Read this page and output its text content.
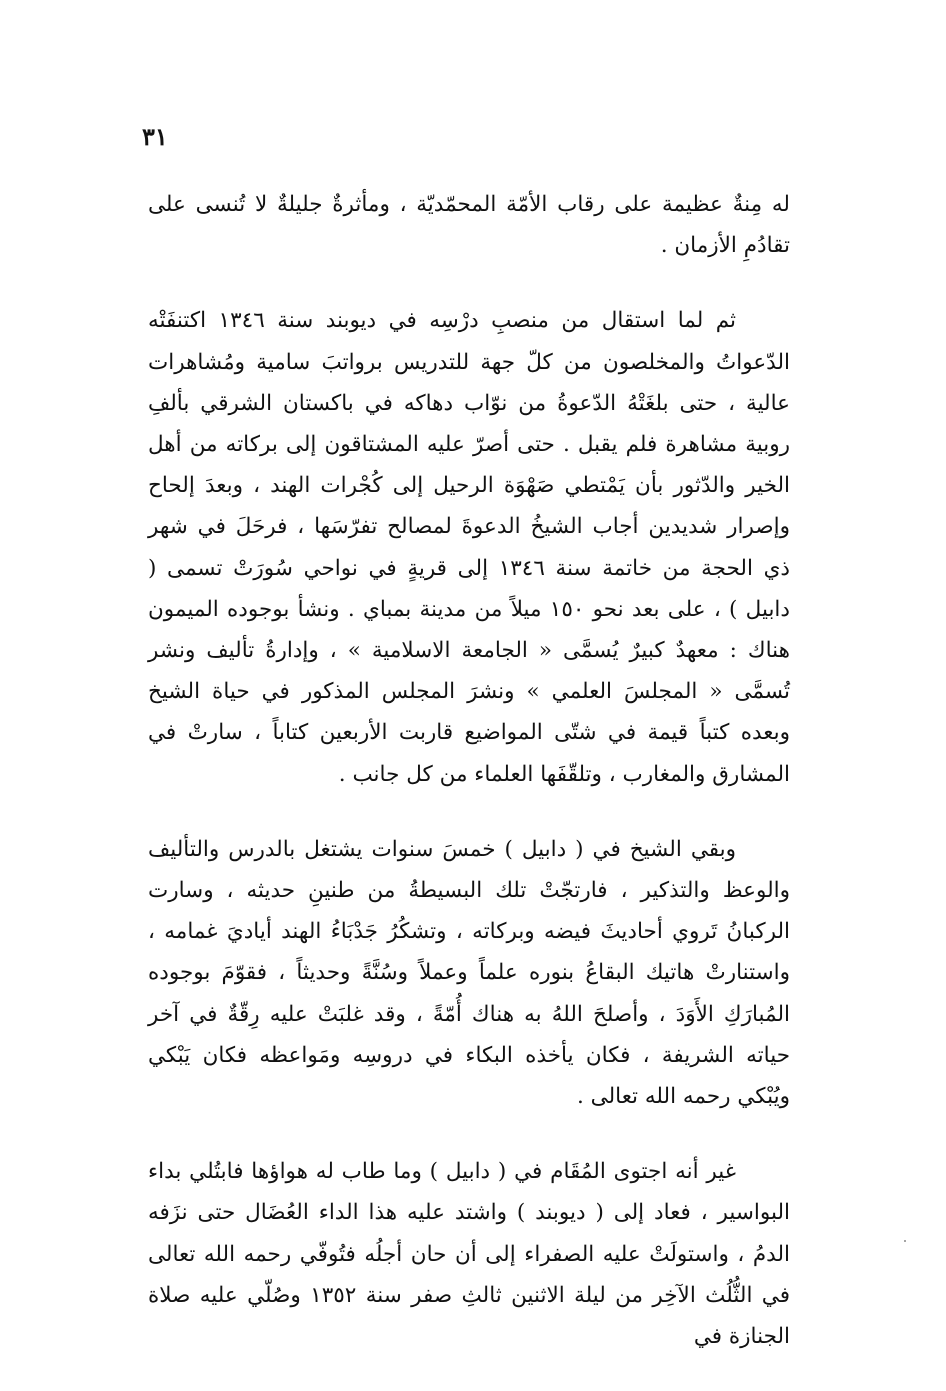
٣١

له مِنةٌ عظيمة على رقاب الأمّة المحمّديّة ، ومأثرةٌ جليلةٌ لا تُنسى على تقادُمِ الأزمان .

ثم لما استقال من منصبِ درْسِه في ديوبند سنة ١٣٤٦ اكتنفَتْه الدّعواتُ والمخلصون من كلّ جهة للتدريس برواتبَ سامية ومُشاهرات عالية ، حتى بلغَتْهُ الدّعوةُ من نوّاب دهاكه في باكستان الشرقي بألفِ روبية مشاهرة فلم يقبل . حتى أصرّ عليه المشتاقون إلى بركاته من أهل الخير والدّثور بأن يَمْتطي صَهْوَة الرحيل إلى كُجْرات الهند ، وبعدَ إلحاح وإصرار شديدين أجاب الشيخُ الدعوةَ لمصالح تفرّسَها ، فرحَلَ في شهر ذي الحجة من خاتمة سنة ١٣٤٦ إلى قريةٍ في نواحي سُورَتْ تسمى ( دابيل ) ، على بعد نحو ١٥٠ ميلاً من مدينة بمباي . ونشأ بوجوده الميمون هناك : معهدٌ كبيرٌ يُسمَّى « الجامعة الاسلامية » ، وإدارةُ تأليف ونشر تُسمَّى « المجلسَ العلمي » ونشرَ المجلس المذكور في حياة الشيخ وبعده كتباً قيمة في شتّى المواضيع قاربت الأربعين كتاباً ، سارتْ في المشارق والمغارب ، وتلقّفَها العلماء من كل جانب .

وبقي الشيخ في ( دابيل ) خمسَ سنوات يشتغل بالدرس والتأليف والوعظ والتذكير ، فارتجّتْ تلك البسيطةُ من طنينِ حديثه ، وسارت الركبانُ تَروي أحاديثَ فيضه وبركاته ، وتشكُرُ جَدْبَاءُ الهند أياديَ غمامه ، واستنارتْ هاتيك البقاعُ بنوره علماً وعملاً وسُنَّةً وحديثاً ، فقوّمَ بوجوده المُبارَكِ الأَوَدَ ، وأصلحَ اللهُ به هناك أُمّةً ، وقد غلبَتْ عليه رِقّةٌ في آخر حياته الشريفة ، فكان يأخذه البكاء في دروسِه ومَواعظه فكان يَبْكي ويُبْكي رحمه الله تعالى .

غير أنه اجتوى المُقَام في ( دابيل ) وما طاب له هواؤها فابتُلي بداء البواسير ، فعاد إلى ( ديوبند ) واشتد عليه هذا الداء العُضَال حتى نزَفه الدمُ ، واستولَتْ عليه الصفراء إلى أن حان أجلُه فتُوفّي رحمه الله تعالى في الثُّلُث الآخِر من ليلة الاثنين ثالثِ صفر سنة ١٣٥٢ وصُلّي عليه صلاة الجنازة في
